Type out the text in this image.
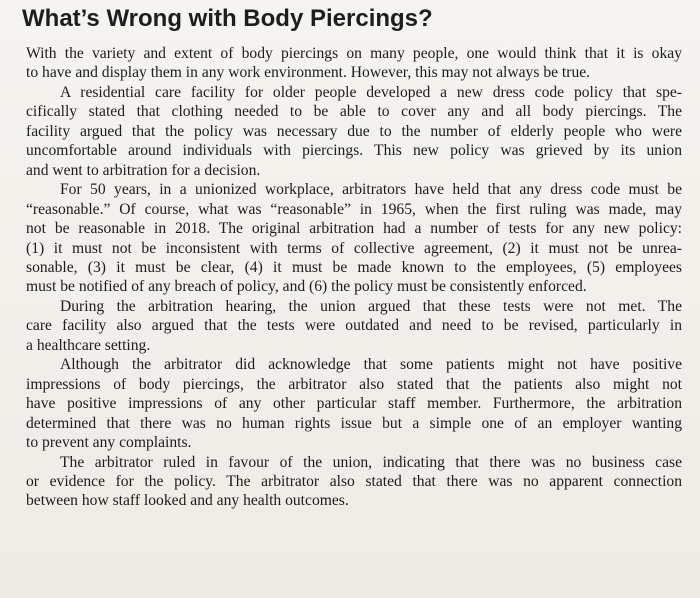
What’s Wrong with Body Piercings?

With the variety and extent of body piercings on many people, one would think that it is okay
to have and display them in any work environment. However, this may not always be true.

A residential care facility for older people developed a new dress code policy that spe-
cifically stated that clothing needed to be able to cover any and all body piercings. The
facility argued that the policy was necessary due to the number of elderly people who were
uncomfortable around individuals with piercings. This new policy was grieved by its union
and went to arbitration for a decision.

For 50 years, in a unionized workplace, arbitrators have held that any dress code must be
“reasonable.” Of course, what was “reasonable” in 1965, when the first ruling was made, may
not be reasonable in 2018. The original arbitration had a number of tests for any new policy:
(1) it must not be inconsistent with terms of collective agreement, (2) it must not be unrea-
sonable, (3) it must be clear, (4) it must be made known to the employees, (5) employees
must be notified of any breach of policy, and (6) the policy must be consistently enforced.

During the arbitration hearing, the union argued that these tests were not met. The
care facility also argued that the tests were outdated and need to be revised, particularly in
a healthcare setting.

Although the arbitrator did acknowledge that some patients might not have positive
impressions of body piercings, the arbitrator also stated that the patients also might not
have positive impressions of any other particular staff member. Furthermore, the arbitration
determined that there was no human rights issue but a simple one of an employer wanting
to prevent any complaints.

The arbitrator ruled in favour of the union, indicating that there was no business case
or evidence for the policy. The arbitrator also stated that there was no apparent connection
between how staff looked and any health outcomes.
